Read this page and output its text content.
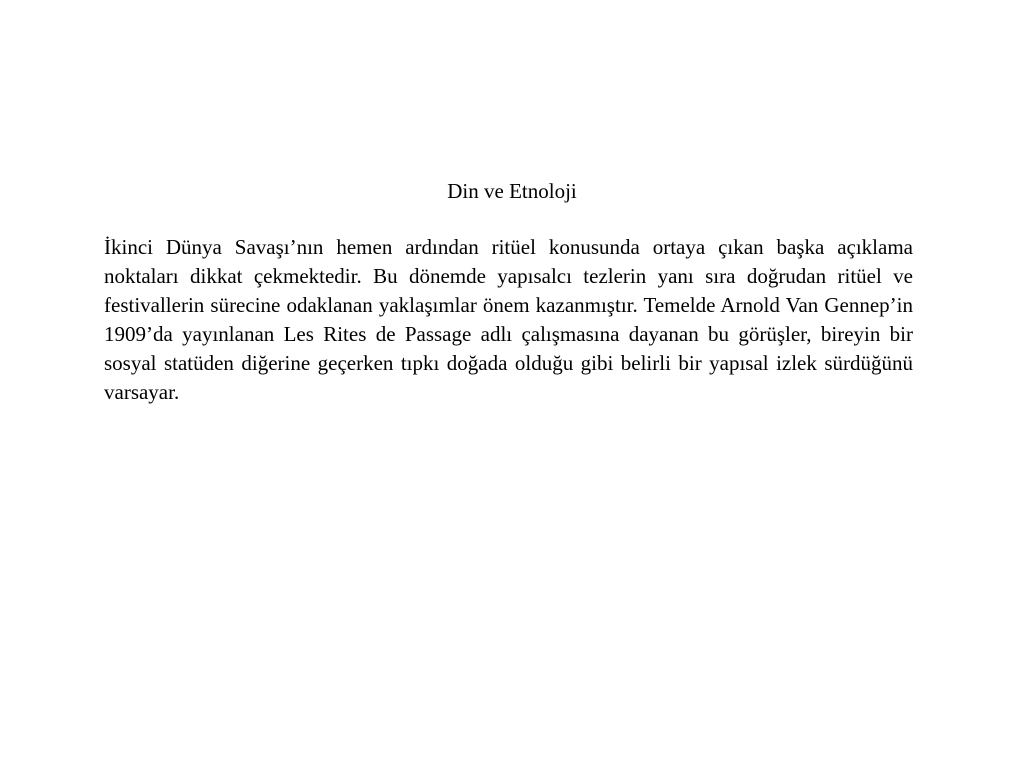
Din ve Etnoloji

İkinci Dünya Savaşı’nın hemen ardından ritüel konusunda ortaya çıkan başka açıklama noktaları dikkat çekmektedir. Bu dönemde yapısalcı tezlerin yanı sıra doğrudan ritüel ve festivallerin sürecine odaklanan yaklaşımlar önem kazanmıştır. Temelde Arnold Van Gennep’in 1909’da yayınlanan Les Rites de Passage adlı çalışmasına dayanan bu görüşler, bireyin bir sosyal statüden diğerine geçerken tıpkı doğada olduğu gibi belirli bir yapısal izlek sürdüğünü varsayar.
